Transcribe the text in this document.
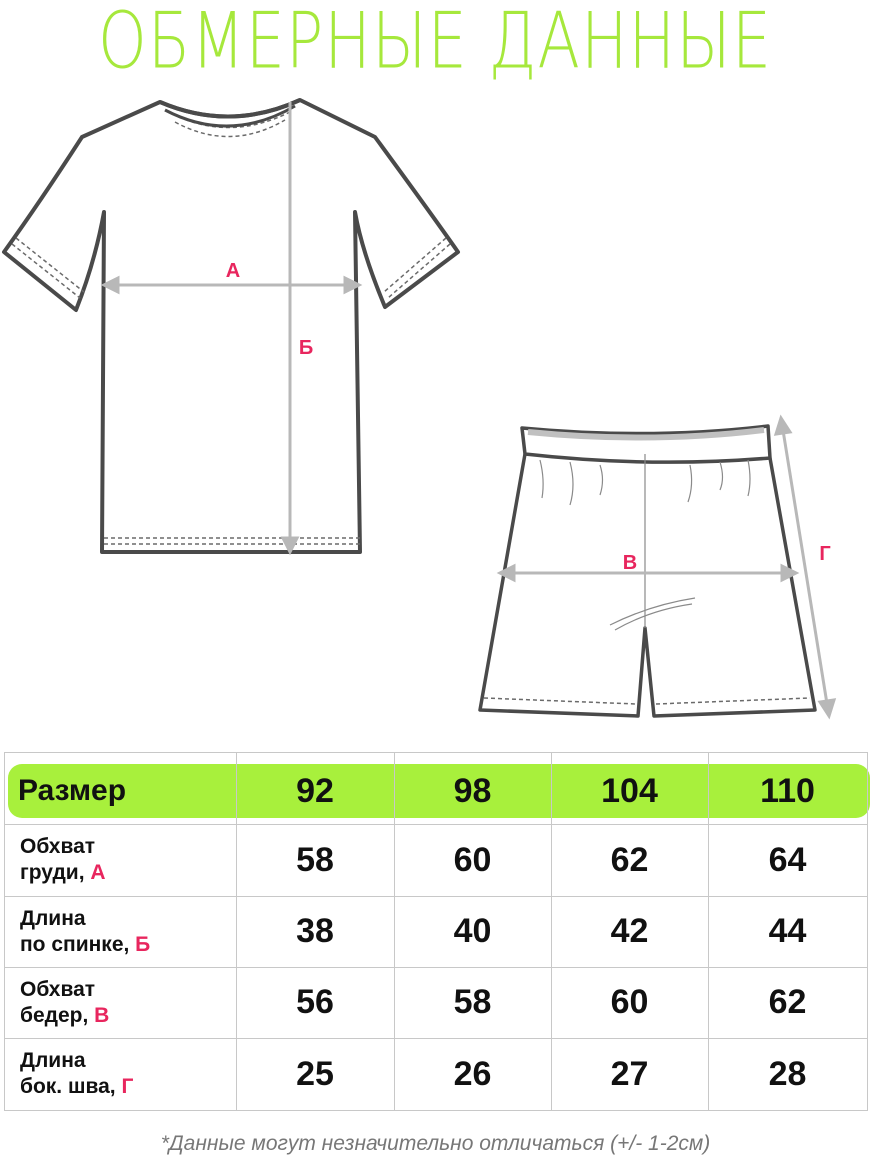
ОБМЕРНЫЕ ДАННЫЕ
А
Б
В	Г
Размер	92	98	104	110
Обхват
груди, А	58	60	62	64
Длина
по спинке, Б	38	40	42	44
Обхват
бедер, В	56	58	60	62
Длина
бок. шва, Г	25	26	27	28
*Данные могут незначительно отличаться (+/- 1-2см)
